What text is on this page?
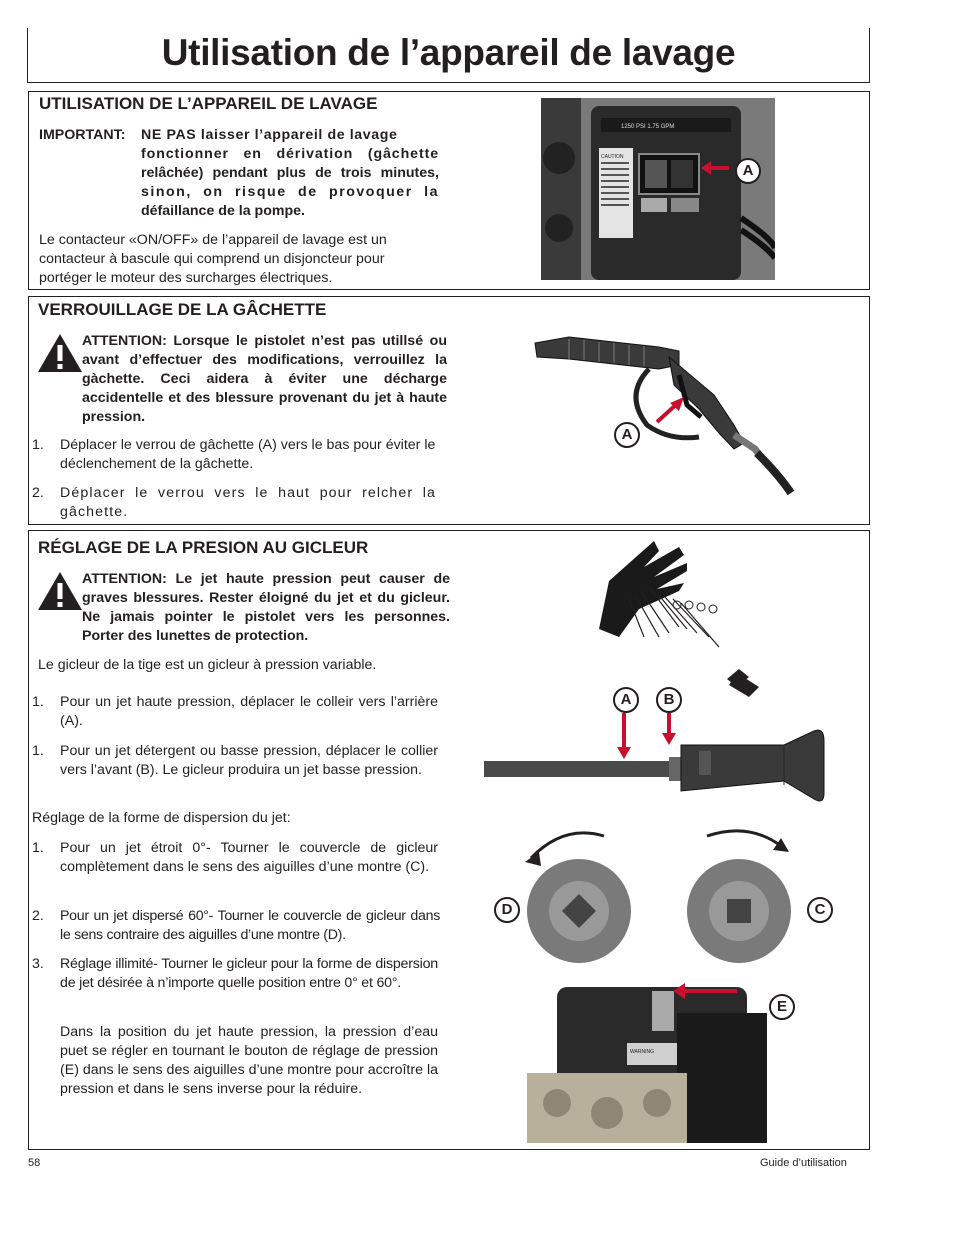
Utilisation de l’appareil de lavage
UTILISATION DE L’APPAREIL DE LAVAGE
IMPORTANT: NE PAS laisser l’appareil de lavage
fonctionner en dérivation (gâchette
relâchée) pendant plus de trois minutes,
sinon, on risque de provoquer la
défaillance de la pompe.
Le contacteur «ON/OFF» de l’appareil de lavage est un contacteur à bascule qui comprend un disjoncteur pour portéger le moteur des surcharges électriques.
1250 PSI 1.75 GPM
CAUTION
A
VERROUILLAGE DE LA GÂCHETTE
ATTENTION: Lorsque le pistolet n’est pas utillsé ou avant d’effectuer des modifications, verrouillez la gàchette. Ceci aidera à éviter une décharge accidentelle et des blessure provenant du jet à haute pression.
1. Déplacer le verrou de gâchette (A) vers le bas pour éviter le déclenchement de la gâchette.
2. Déplacer le verrou vers le haut pour relcher la gâchette.
A
RÉGLAGE DE LA PRESION AU GICLEUR
ATTENTION: Le jet haute pression peut causer de graves blessures. Rester éloigné du jet et du gicleur. Ne jamais pointer le pistolet vers les personnes. Porter des lunettes de protection.
Le gicleur de la tige est un gicleur à pression variable.
1. Pour un jet haute pression, déplacer le colleir vers l’arrière (A).
1. Pour un jet détergent ou basse pression, déplacer le collier vers l’avant (B). Le gicleur produira un jet basse pression.
Réglage de la forme de dispersion du jet:
1. Pour un jet étroit 0°- Tourner le couvercle de gicleur complètement dans le sens des aiguilles d’une montre (C).
2. Pour un jet dispersé 60°- Tourner le couvercle de gicleur dans le sens contraire des aiguilles d’une montre (D).
3. Réglage illimité- Tourner le gicleur pour la forme de dispersion de jet désirée à n’importe quelle position entre 0° et 60°.
Dans la position du jet haute pression, la pression d’eau puet se régler en tournant le bouton de réglage de pression (E) dans le sens des aiguilles d’une montre pour accroître la pression et dans le sens inverse pour la réduire.
A	B
D	C
WARNING
E
58	Guide d’utilisation
